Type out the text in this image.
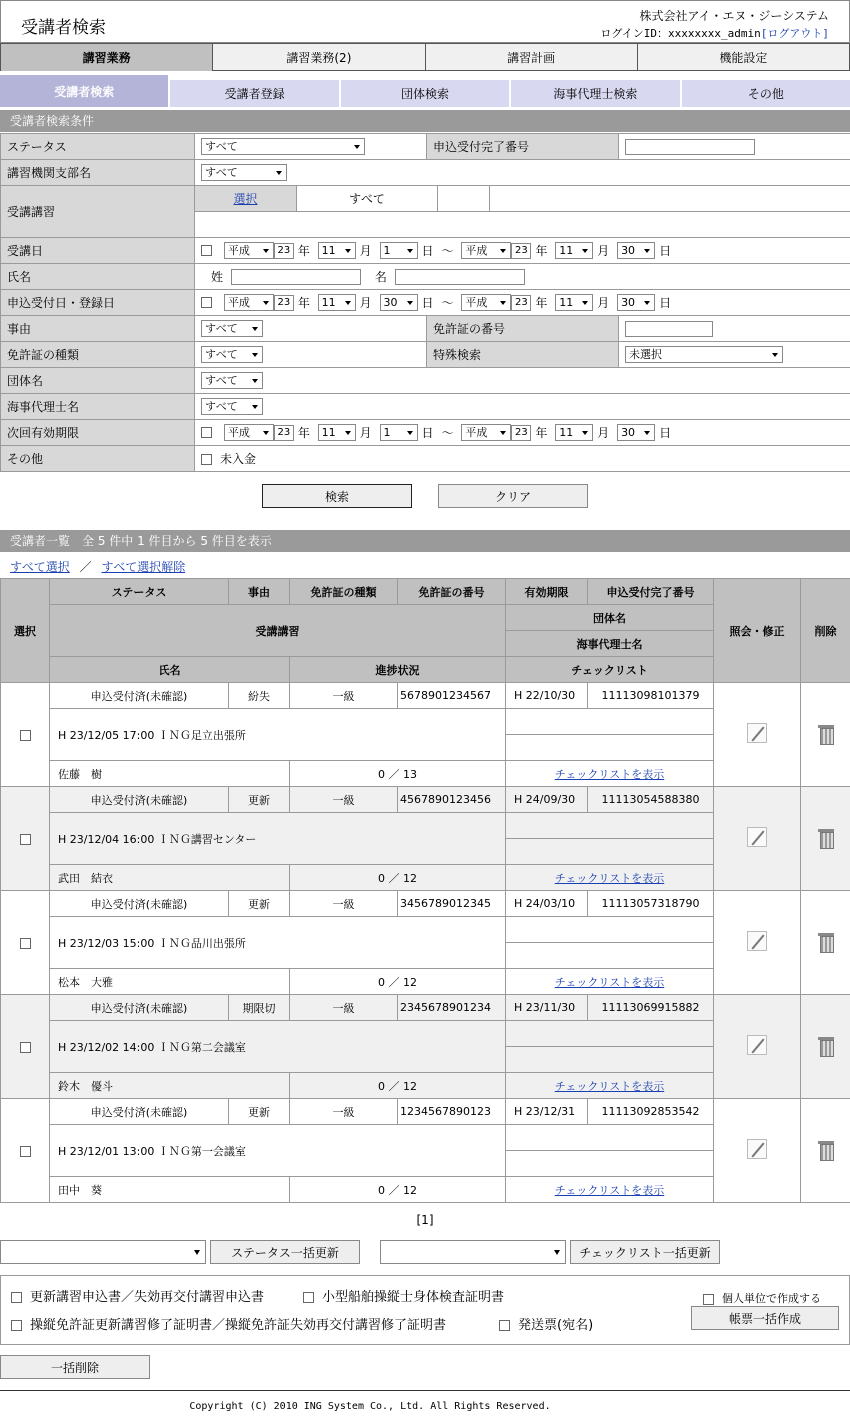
受講者検索
株式会社アイ・エヌ・ジーシステム
ログインID：xxxxxxxx_admin[ログアウト]
講習業務	講習業務(2)	講習計画	機能設定
受講者検索	受講者登録	団体検索	海事代理士検索	その他
受講者検索条件
ステータス	すべて	申込受付完了番号	
講習機関支部名	すべて		
受講講習	選択 すべて		

受講日	平成 23 年 11 月 1 日 ～ 平成 23 年 11 月 30 日		
氏名	姓 名		
申込受付日・登録日	平成 23 年 11 月 30 日 ～ 平成 23 年 11 月 30 日		
事由	すべて	免許証の番号	
免許証の種類	すべて	特殊検索	未選択
団体名	すべて		
海事代理士名	すべて		
次回有効期限	平成 23 年 11 月 1 日 ～ 平成 23 年 11 月 30 日		
その他	未入金		
検索	クリア
受講者一覧　全 5 件中 1 件目から 5 件目を表示
すべて選択 ／ すべて選択解除
選択	ステータス	事由	免許証の種類	免許証の番号	有効期限	申込受付完了番号	照会・修正	削除
	受講講習				団体名			
					海事代理士名			
	氏名		進捗状況		チェックリスト			
	申込受付済(未確認)	紛失	一級	5678901234567	H 22/10/30	11113098101379		
	H 23/12/05 17:00 ＩＮＧ足立出張所							

	佐藤　樹		0 ／ 13		チェックリストを表示			
	申込受付済(未確認)	更新	一級	4567890123456	H 24/09/30	11113054588380		
	H 23/12/04 16:00 ＩＮＧ講習センター							

	武田　結衣		0 ／ 12		チェックリストを表示			
	申込受付済(未確認)	更新	一級	3456789012345	H 24/03/10	11113057318790		
	H 23/12/03 15:00 ＩＮＧ品川出張所							

	松本　大雅		0 ／ 12		チェックリストを表示			
	申込受付済(未確認)	期限切	一級	2345678901234	H 23/11/30	11113069915882		
	H 23/12/02 14:00 ＩＮＧ第二会議室							

	鈴木　優斗		0 ／ 12		チェックリストを表示			
	申込受付済(未確認)	更新	一級	1234567890123	H 23/12/31	11113092853542		
	H 23/12/01 13:00 ＩＮＧ第一会議室							

	田中　葵		0 ／ 12		チェックリストを表示			
[1]
ステータス一括更新	チェックリスト一括更新
更新講習申込書／失効再交付講習申込書	小型船舶操縦士身体検査証明書
操縦免許証更新講習修了証明書／操縦免許証失効再交付講習修了証明書	発送票(宛名)
個人単位で作成する
帳票一括作成
一括削除
Copyright (C) 2010 ING System Co., Ltd. All Rights Reserved.
